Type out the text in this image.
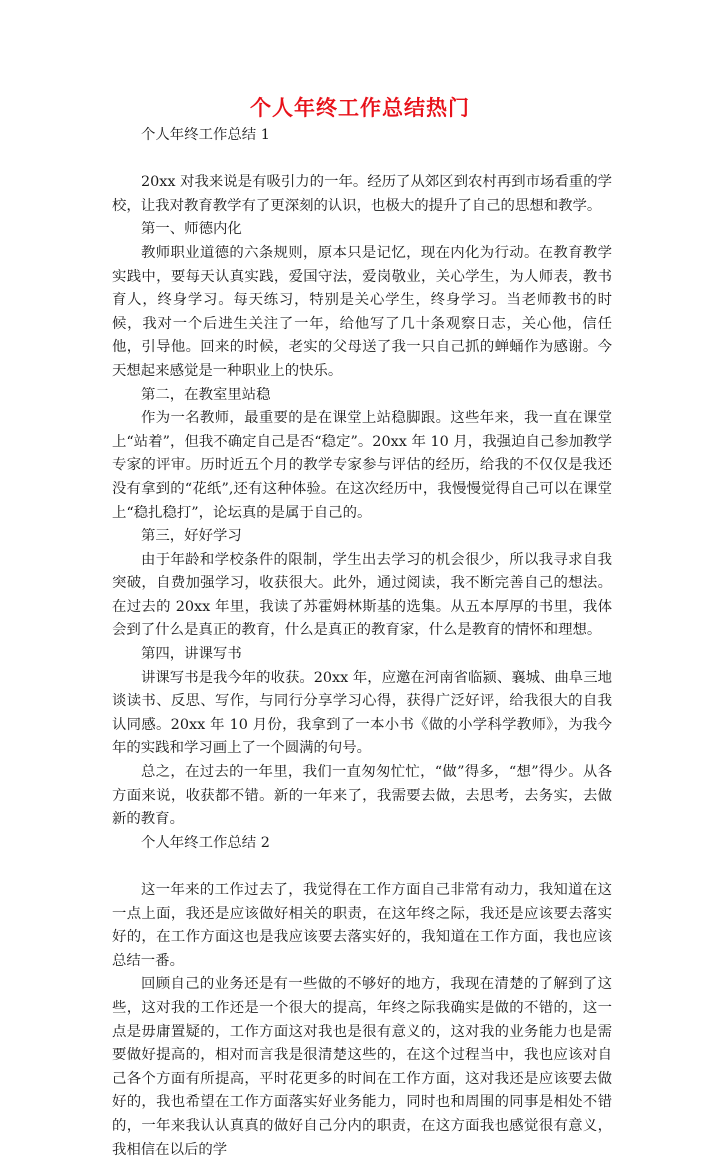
个人年终工作总结热门

个人年终工作总结 1

20xx 对我来说是有吸引力的一年。经历了从郊区到农村再到市场看重的学校，让我对教育教学有了更深刻的认识，也极大的提升了自己的思想和教学。

第一、师德内化

教师职业道德的六条规则，原本只是记忆，现在内化为行动。在教育教学实践中，要每天认真实践，爱国守法，爱岗敬业，关心学生，为人师表，教书育人，终身学习。每天练习，特别是关心学生，终身学习。当老师教书的时候，我对一个后进生关注了一年，给他写了几十条观察日志，关心他，信任他，引导他。回来的时候，老实的父母送了我一只自己抓的蝉蛹作为感谢。今天想起来感觉是一种职业上的快乐。

第二，在教室里站稳

作为一名教师，最重要的是在课堂上站稳脚跟。这些年来，我一直在课堂上“站着”，但我不确定自己是否“稳定”。20xx 年 10 月，我强迫自己参加教学专家的评审。历时近五个月的教学专家参与评估的经历，给我的不仅仅是我还没有拿到的“花纸”,还有这种体验。在这次经历中，我慢慢觉得自己可以在课堂上“稳扎稳打”，论坛真的是属于自己的。

第三，好好学习

由于年龄和学校条件的限制，学生出去学习的机会很少，所以我寻求自我突破，自费加强学习，收获很大。此外，通过阅读，我不断完善自己的想法。在过去的 20xx 年里，我读了苏霍姆林斯基的选集。从五本厚厚的书里，我体会到了什么是真正的教育，什么是真正的教育家，什么是教育的情怀和理想。

第四，讲课写书

讲课写书是我今年的收获。20xx 年，应邀在河南省临颍、襄城、曲阜三地谈读书、反思、写作，与同行分享学习心得，获得广泛好评，给我很大的自我认同感。20xx 年 10 月份，我拿到了一本小书《做的小学科学教师》，为我今年的实践和学习画上了一个圆满的句号。

总之，在过去的一年里，我们一直匆匆忙忙，“做”得多，“想”得少。从各方面来说，收获都不错。新的一年来了，我需要去做，去思考，去务实，去做新的教育。

个人年终工作总结 2

这一年来的工作过去了，我觉得在工作方面自己非常有动力，我知道在这一点上面，我还是应该做好相关的职责，在这年终之际，我还是应该要去落实好的，在工作方面这也是我应该要去落实好的，我知道在工作方面，我也应该总结一番。

回顾自己的业务还是有一些做的不够好的地方，我现在清楚的了解到了这些，这对我的工作还是一个很大的提高，年终之际我确实是做的不错的，这一点是毋庸置疑的，工作方面这对我也是很有意义的，这对我的业务能力也是需要做好提高的，相对而言我是很清楚这些的，在这个过程当中，我也应该对自己各个方面有所提高，平时花更多的时间在工作方面，这对我还是应该要去做好的，我也希望在工作方面落实好业务能力，同时也和周围的同事是相处不错的，一年来我认认真真的做好自己分内的职责，在这方面我也感觉很有意义，我相信在以后的学
